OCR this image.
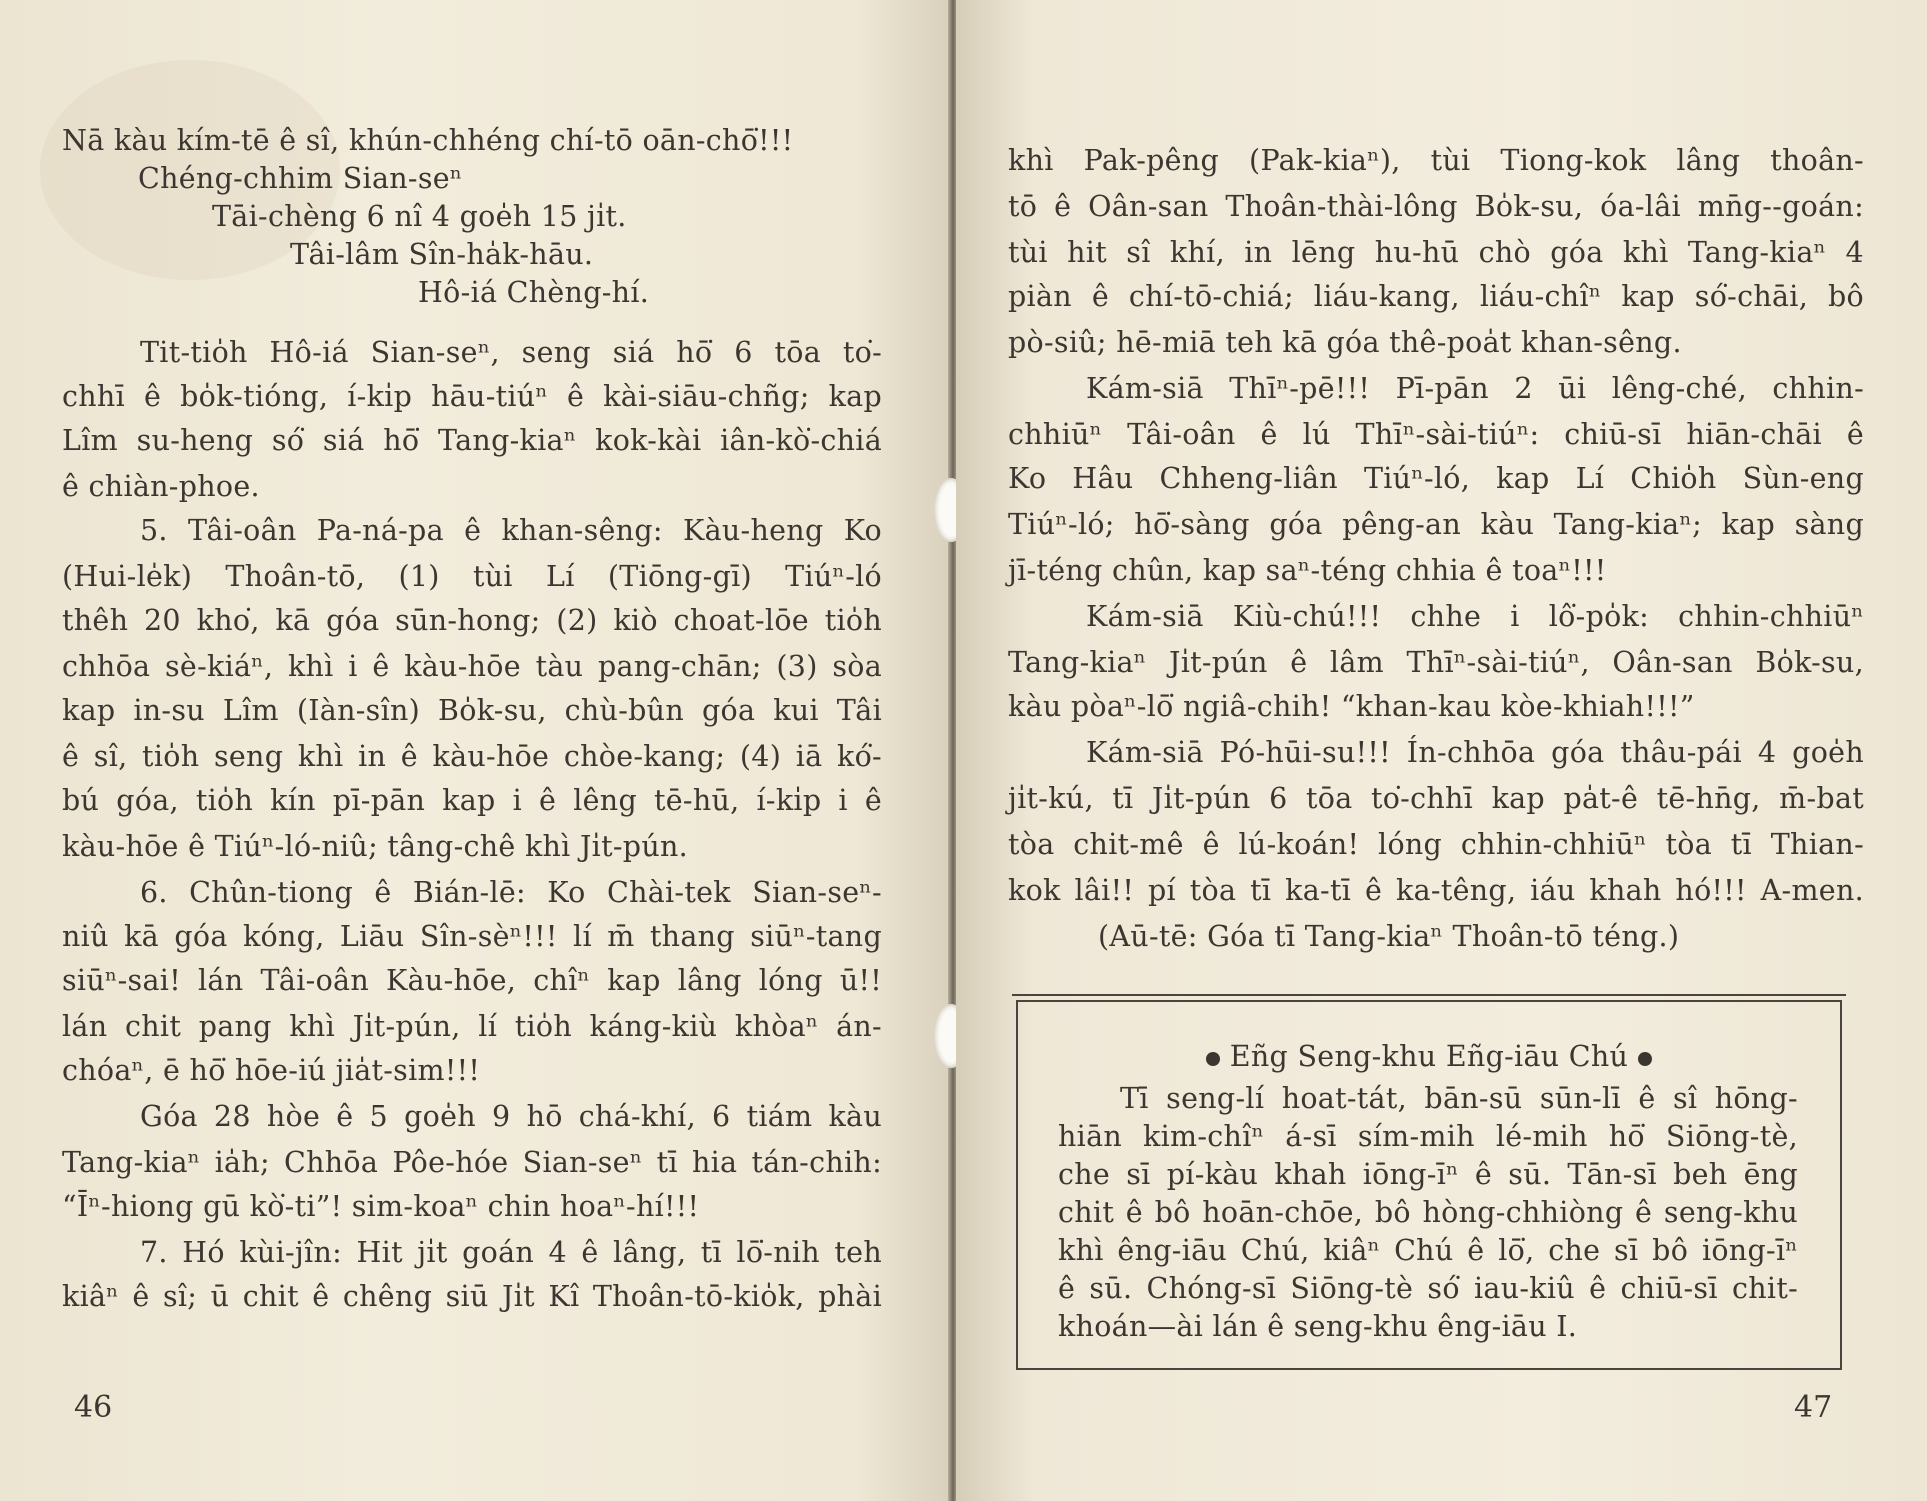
Nā kàu kím-tē ê sî, khún-chhéng chí-tō oān-chō͘!!!
Chéng-chhim Sian-seⁿ
Tāi-chèng 6 nî 4 goe̍h 15 ji̍t.
Tâi-lâm Sîn-ha̍k-hāu.
Hô-iá Chèng-hí.
Tit-tio̍h Hô-iá Sian-seⁿ, seng siá hō͘ 6 tōa to͘-
chhī ê bo̍k-tióng, í-ki̍p hāu-tiúⁿ ê kài-siāu-chñg; kap
Lîm su-heng só͘ siá hō͘ Tang-kiaⁿ kok-kài iân-kò͘-chiá
ê chiàn-phoe.
5. Tâi-oân Pa-ná-pa ê khan-sêng: Kàu-heng Ko
(Hui-le̍k) Thoân-tō, (1) tùi Lí (Tiōng-gī) Tiúⁿ-ló
thêh 20 kho͘, kā góa sūn-hong; (2) kiò choat-lōe tio̍h
chhōa sè-kiáⁿ, khì i ê kàu-hōe tàu pang-chān; (3) sòa
kap in-su Lîm (Iàn-sîn) Bo̍k-su, chù-bûn góa kui Tâi
ê sî, tio̍h seng khì in ê kàu-hōe chòe-kang; (4) iā kó͘-
bú góa, tio̍h kín pī-pān kap i ê lêng tē-hū, í-ki̍p i ê
kàu-hōe ê Tiúⁿ-ló-niû; tâng-chê khì Ji̍t-pún.
6. Chûn-tiong ê Bián-lē: Ko Chài-tek Sian-seⁿ-
niû kā góa kóng, Liāu Sîn-sèⁿ!!! lí m̄ thang siūⁿ-tang
siūⁿ-sai! lán Tâi-oân Kàu-hōe, chîⁿ kap lâng lóng ū!!
lán chit pang khì Ji̍t-pún, lí tio̍h káng-kiù khòaⁿ án-
chóaⁿ, ē hō͘ hōe-iú jia̍t-sim!!!
Góa 28 hòe ê 5 goe̍h 9 hō chá-khí, 6 tiám kàu
Tang-kiaⁿ ia̍h; Chhōa Pôe-hóe Sian-seⁿ tī hia tán-chih:
“Īⁿ-hiong gū kò͘-ti”! sim-koaⁿ chin hoaⁿ-hí!!!
7. Hó kùi-jîn: Hit ji̍t goán 4 ê lâng, tī lō͘-nih teh
kiâⁿ ê sî; ū chit ê chêng siū Ji̍t Kî Thoân-tō-kio̍k, phài
46
khì Pak-pêng (Pak-kiaⁿ), tùi Tiong-kok lâng thoân-
tō ê Oân-san Thoân-thài-lông Bo̍k-su, óa-lâi mn̄g--goán:
tùi hit sî khí, in lēng hu-hū chò góa khì Tang-kiaⁿ 4
piàn ê chí-tō-chiá; liáu-kang, liáu-chîⁿ kap só͘-chāi, bô
pò-siû; hē-miā teh kā góa thê-poa̍t khan-sêng.
Kám-siā Thīⁿ-pē!!! Pī-pān 2 ūi lêng-ché, chhin-
chhiūⁿ Tâi-oân ê lú Thīⁿ-sài-tiúⁿ: chiū-sī hiān-chāi ê
Ko Hâu Chheng-liân Tiúⁿ-ló, kap Lí Chio̍h Sùn-eng
Tiúⁿ-ló; hō͘-sàng góa pêng-an kàu Tang-kiaⁿ; kap sàng
jī-téng chûn, kap saⁿ-téng chhia ê toaⁿ!!!
Kám-siā Kiù-chú!!! chhe i lô͘-po̍k: chhin-chhiūⁿ
Tang-kiaⁿ Ji̍t-pún ê lâm Thīⁿ-sài-tiúⁿ, Oân-san Bo̍k-su,
kàu pòaⁿ-lō͘ ngiâ-chih! “khan-kau kòe-khiah!!!”
Kám-siā Pó-hūi-su!!! Ín-chhōa góa thâu-pái 4 goe̍h
ji̍t-kú, tī Ji̍t-pún 6 tōa to͘-chhī kap pa̍t-ê tē-hn̄g, m̄-bat
tòa chit-mê ê lú-koán! lóng chhin-chhiūⁿ tòa tī Thian-
kok lâi!! pí tòa tī ka-tī ê ka-têng, iáu khah hó!!! A-men.
(Aū-tē: Góa tī Tang-kiaⁿ Thoân-tō téng.)
Eñg Seng-khu Eñg-iāu Chú
Tī seng-lí hoat-tát, bān-sū sūn-lī ê sî hōng-
hiān kim-chîⁿ á-sī sím-mih lé-mih hō͘ Siōng-tè,
che sī pí-kàu khah iōng-īⁿ ê sū. Tān-sī beh ēng
chit ê bô hoān-chōe, bô hòng-chhiòng ê seng-khu
khì êng-iāu Chú, kiâⁿ Chú ê lō͘, che sī bô iōng-īⁿ
ê sū. Chóng-sī Siōng-tè só͘ iau-kiû ê chiū-sī chit-
khoán—ài lán ê seng-khu êng-iāu I.
47
